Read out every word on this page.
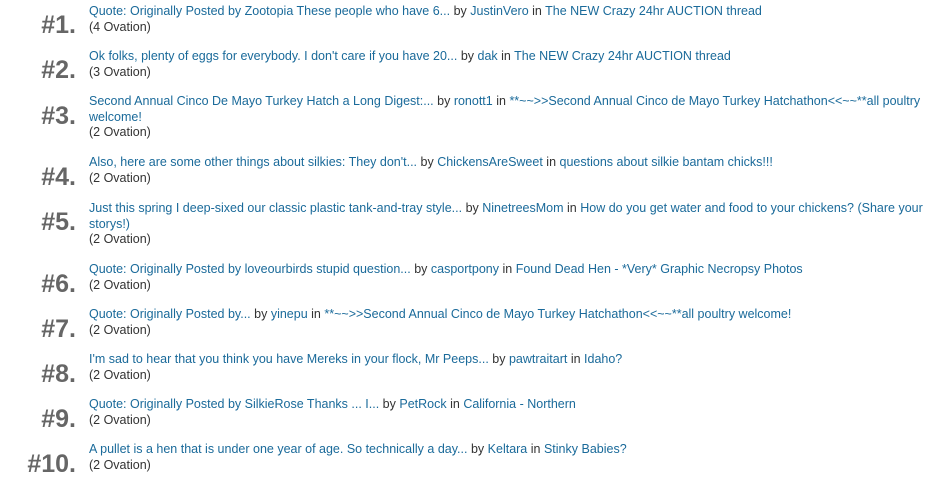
#1. Quote: Originally Posted by Zootopia These people who have 6... by JustinVero in The NEW Crazy 24hr AUCTION thread
(4 Ovation)
#2. Ok folks, plenty of eggs for everybody. I don't care if you have 20... by dak in The NEW Crazy 24hr AUCTION thread
(3 Ovation)
#3.
Second Annual Cinco De Mayo Turkey Hatch a Long Digest:... by ronott1 in **~~>>Second Annual Cinco de Mayo Turkey Hatchathon<<~~**all poultry welcome!
(2 Ovation)
#4.
Also, here are some other things about silkies: They don't... by ChickensAreSweet in questions about silkie bantam chicks!!!
(2 Ovation)
#5. Just this spring I deep-sixed our classic plastic tank-and-tray style... by NinetreesMom in How do you get water and food to your chickens? (Share your storys!)
(2 Ovation)
#6.
Quote: Originally Posted by loveourbirds stupid question... by casportpony in Found Dead Hen - *Very* Graphic Necropsy Photos
(2 Ovation)
#7.
Quote: Originally Posted by... by yinepu in **~~>>Second Annual Cinco de Mayo Turkey Hatchathon<<~~**all poultry welcome!
(2 Ovation)
#8.
I'm sad to hear that you think you have Mereks in your flock, Mr Peeps... by pawtraitart in Idaho?
(2 Ovation)
#9.
Quote: Originally Posted by SilkieRose Thanks ... I... by PetRock in California - Northern
(2 Ovation)
#10.
A pullet is a hen that is under one year of age. So technically a day... by Keltara in Stinky Babies?
(2 Ovation)
